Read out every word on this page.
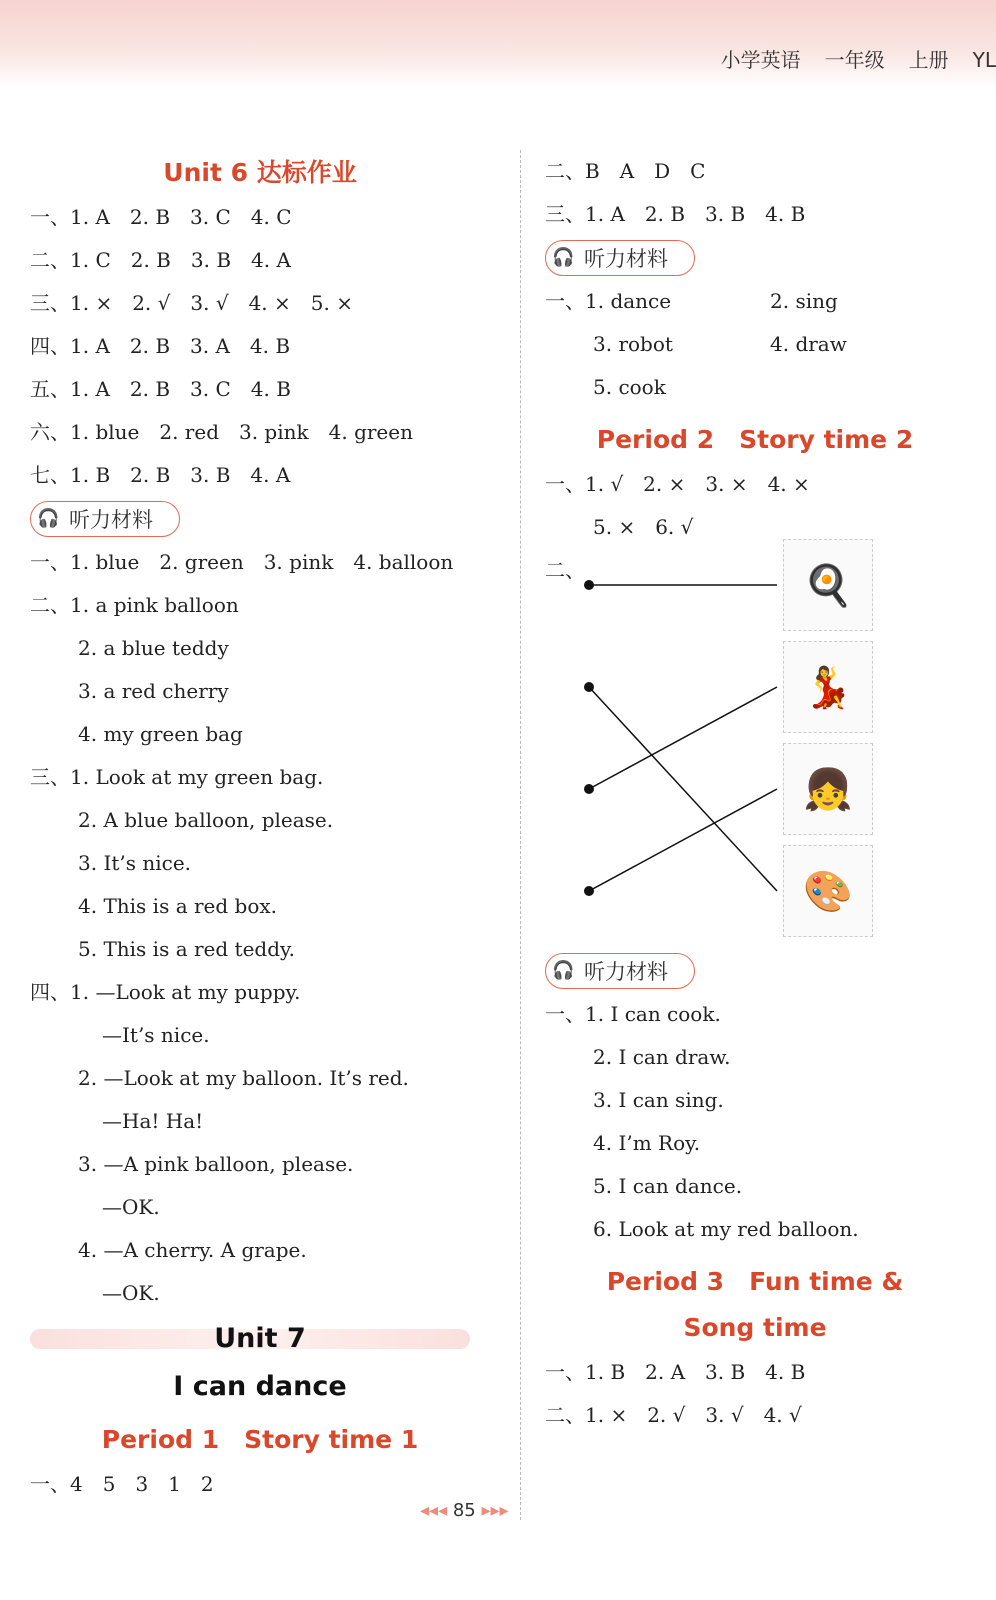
小学英语 一年级 上册 YL
Unit 6 达标作业
一、1. A　2. B　3. C　4. C
二、1. C　2. B　3. B　4. A
三、1. ×　2. √　3. √　4. ×　5. ×
四、1. A　2. B　3. A　4. B
五、1. A　2. B　3. C　4. B
六、1. blue　2. red　3. pink　4. green
七、1. B　2. B　3. B　4. A
🎧 听力材料
一、1. blue　2. green　3. pink　4. balloon
二、1. a pink balloon
2. a blue teddy
3. a red cherry
4. my green bag
三、1. Look at my green bag.
2. A blue balloon, please.
3. It’s nice.
4. This is a red box.
5. This is a red teddy.
四、1. —Look at my puppy.
—It’s nice.
2. —Look at my balloon. It’s red.
—Ha! Ha!
3. —A pink balloon, please.
—OK.
4. —A cherry. A grape.
—OK.
Unit 7
I can dance
Period 1　Story time 1
一、4　5　3　1　2
二、B　A　D　C
三、1. A　2. B　3. B　4. B
🎧 听力材料
一、1. dance	2. sing
3. robot	4. draw
5. cook
Period 2　Story time 2
一、1. √　2. ×　3. ×　4. ×
5. ×　6. √
二、	🍳
💃
👧
🎨
🎧 听力材料
一、1. I can cook.
2. I can draw.
3. I can sing.
4. I’m Roy.
5. I can dance.
6. Look at my red balloon.
Period 3　Fun time &
Song time
一、1. B　2. A　3. B　4. B
二、1. ×　2. √　3. √　4. √
◂◂◂ 85 ▸▸▸
